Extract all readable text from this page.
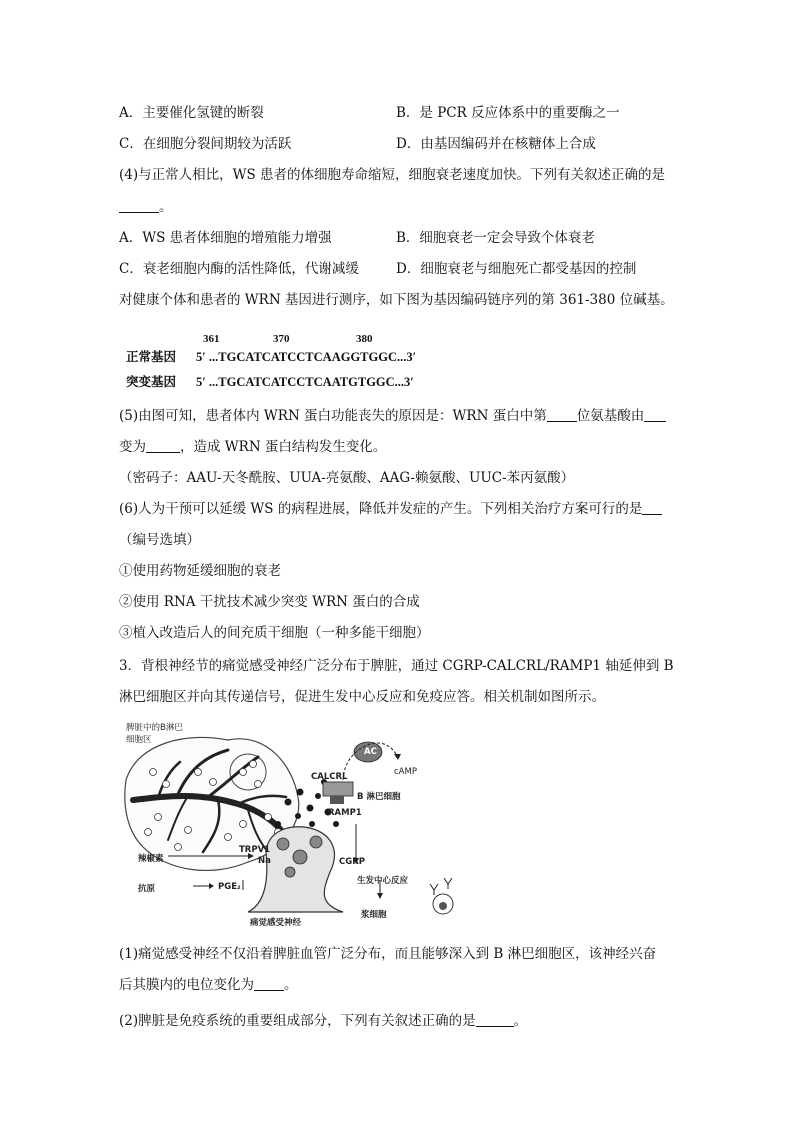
A．主要催化氢键的断裂	B．是 PCR 反应体系中的重要酶之一
C．在细胞分裂间期较为活跃	D．由基因编码并在核糖体上合成
(4)与正常人相比，WS 患者的体细胞寿命缩短，细胞衰老速度加快。下列有关叙述正确的是
。
A．WS 患者体细胞的增殖能力增强	B．细胞衰老一定会导致个体衰老
C．衰老细胞内酶的活性降低，代谢减缓	D．细胞衰老与细胞死亡都受基因的控制
对健康个体和患者的 WRN 基因进行测序，如下图为基因编码链序列的第 361-380 位碱基。
361	370	380
正常基因 5′ ...TGCATCATCCTCAAGGTGGC...3′
突变基因 5′ ...TGCATCATCCTCAATGTGGC...3′
(5)由图可知，患者体内 WRN 蛋白功能丧失的原因是：WRN 蛋白中第 位氨基酸由
变为	，造成 WRN 蛋白结构发生变化。
（密码子：AAU-天冬酰胺、UUA-亮氨酸、AAG-赖氨酸、UUC-苯丙氨酸）
(6)人为干预可以延缓 WS 的病程进展，降低并发症的产生。下列相关治疗方案可行的是
（编号选填）
①使用药物延缓细胞的衰老
②使用 RNA 干扰技术减少突变 WRN 蛋白的合成
③植入改造后人的间充质干细胞（一种多能干细胞）
3．背根神经节的痛觉感受神经广泛分布于脾脏，通过 CGRP-CALCRL/RAMP1 轴延伸到 B
淋巴细胞区并向其传递信号，促进生发中心反应和免疫应答。相关机制如图所示。
脾脏中的B淋巴
细胞区
AC
cAMP
CALCRL
B 淋巴细胞
RAMP1
TRPV1
Na	CGRP
辣椒素
抗原	PGE₂
生发中心反应
浆细胞
痛觉感受神经
(1)痛觉感受神经不仅沿着脾脏血管广泛分布，而且能够深入到 B 淋巴细胞区，该神经兴奋
后其膜内的电位变化为 。
(2)脾脏是免疫系统的重要组成部分，下列有关叙述正确的是	。
